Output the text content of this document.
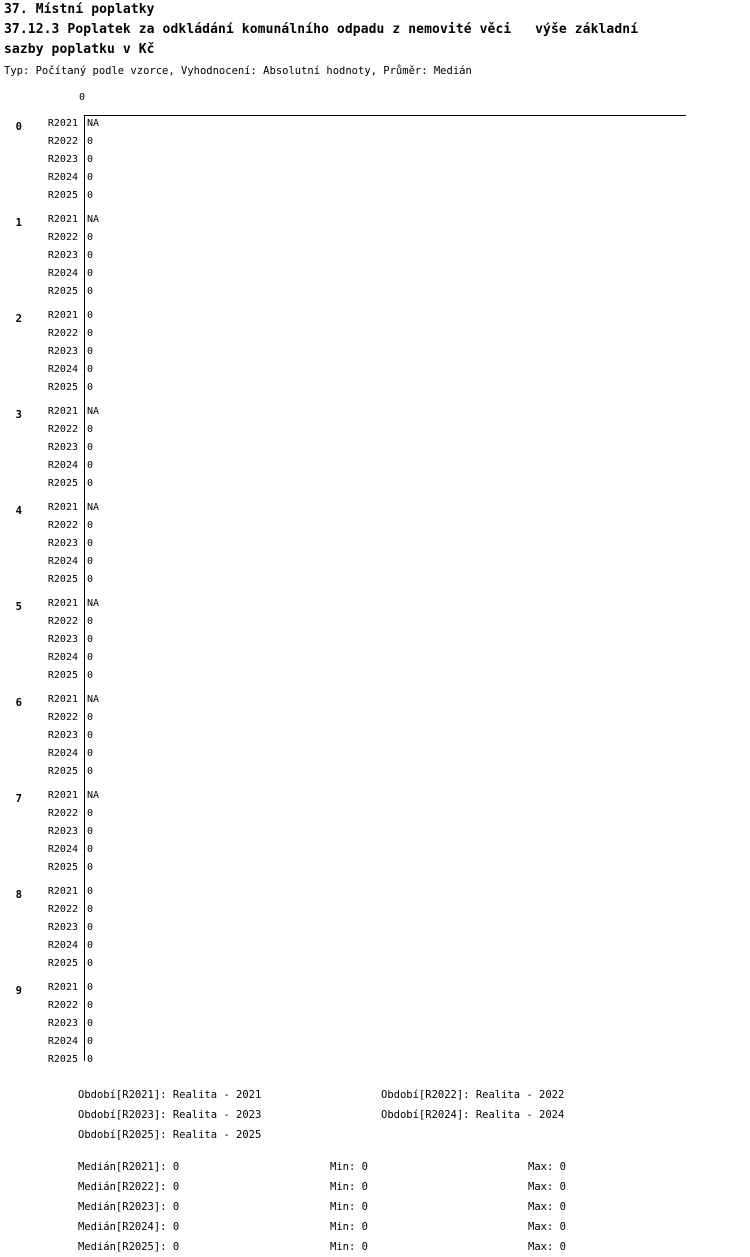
37. Místní poplatky
37.12.3 Poplatek za odkládání komunálního odpadu z nemovité věci   výše základní
sazby poplatku v Kč
Typ: Počítaný podle vzorce, Vyhodnocení: Absolutní hodnoty, Průměr: Medián
0
0	R2021 NA
R2022 0
R2023 0
R2024 0
R2025 0
1	R2021 NA
R2022 0
R2023 0
R2024 0
R2025 0
2	R2021 0
R2022 0
R2023 0
R2024 0
R2025 0
3	R2021 NA
R2022 0
R2023 0
R2024 0
R2025 0
4	R2021 NA
R2022 0
R2023 0
R2024 0
R2025 0
5	R2021 NA
R2022 0
R2023 0
R2024 0
R2025 0
6	R2021 NA
R2022 0
R2023 0
R2024 0
R2025 0
7	R2021 NA
R2022 0
R2023 0
R2024 0
R2025 0
8	R2021 0
R2022 0
R2023 0
R2024 0
R2025 0
9	R2021 0
R2022 0
R2023 0
R2024 0
R2025 0
Období[R2021]: Realita - 2021	Období[R2022]: Realita - 2022
Období[R2023]: Realita - 2023	Období[R2024]: Realita - 2024
Období[R2025]: Realita - 2025
Medián[R2021]: 0	Min: 0	Max: 0
Medián[R2022]: 0	Min: 0	Max: 0
Medián[R2023]: 0	Min: 0	Max: 0
Medián[R2024]: 0	Min: 0	Max: 0
Medián[R2025]: 0	Min: 0	Max: 0
